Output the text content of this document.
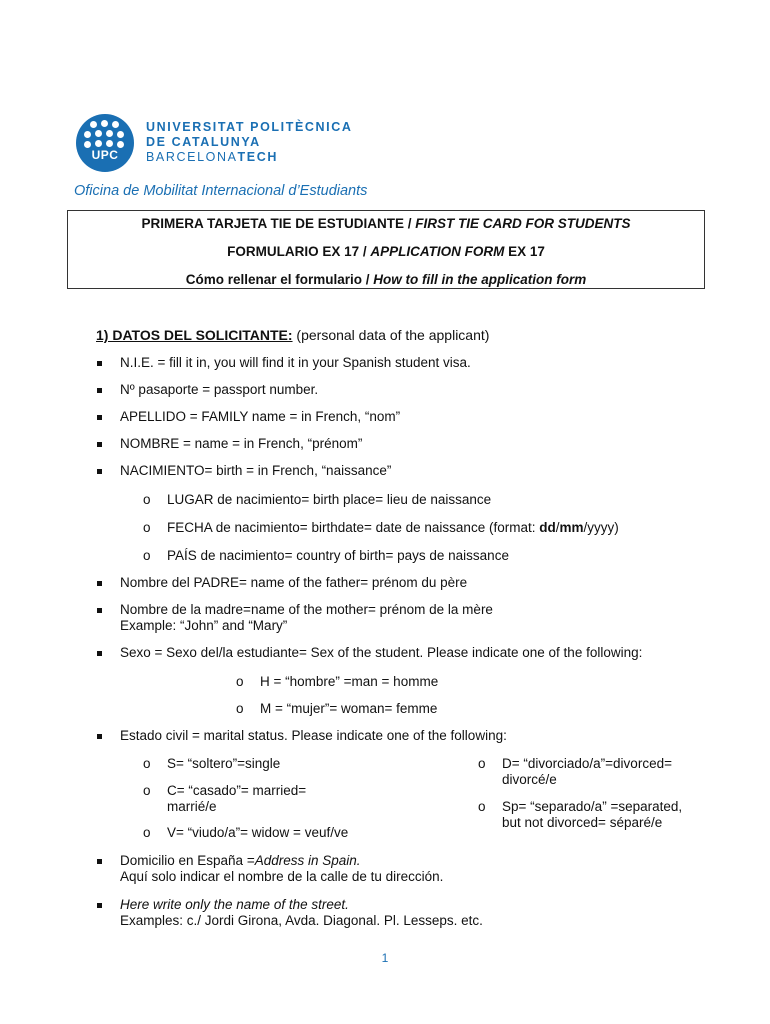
UPC
UNIVERSITAT POLITÈCNICA
DE CATALUNYA
BARCELONATECH
Oficina de Mobilitat Internacional d’Estudiants
PRIMERA TARJETA TIE DE ESTUDIANTE / FIRST TIE CARD FOR STUDENTS
FORMULARIO EX 17 / APPLICATION FORM EX 17
Cómo rellenar el formulario / How to fill in the application form
1) DATOS DEL SOLICITANTE: (personal data of the applicant)
N.I.E. = fill it in, you will find it in your Spanish student visa.
Nº pasaporte = passport number.
APELLIDO = FAMILY name = in French, “nom”
NOMBRE = name = in French, “prénom”
NACIMIENTO= birth = in French, “naissance”
o LUGAR de nacimiento= birth place= lieu de naissance
o FECHA de nacimiento= birthdate= date de naissance (format: dd/mm/yyyy)
o PAÍS de nacimiento= country of birth= pays de naissance
Nombre del PADRE= name of the father= prénom du père
Nombre de la madre=name of the mother= prénom de la mère
Example: “John” and “Mary”
Sexo = Sexo del/la estudiante= Sex of the student. Please indicate one of the following:
o H = “hombre” =man = homme
o M = “mujer”= woman= femme
Estado civil = marital status. Please indicate one of the following:
o S= “soltero”=single
o C= “casado”= married=
marrié/e
o V= “viudo/a”= widow = veuf/ve
o D= “divorciado/a”=divorced=
divorcé/e
o Sp= “separado/a” =separated,
but not divorced= séparé/e
Domicilio en España =Address in Spain.
Aquí solo indicar el nombre de la calle de tu dirección.
Here write only the name of the street.
Examples: c./ Jordi Girona, Avda. Diagonal. Pl. Lesseps. etc.
1
